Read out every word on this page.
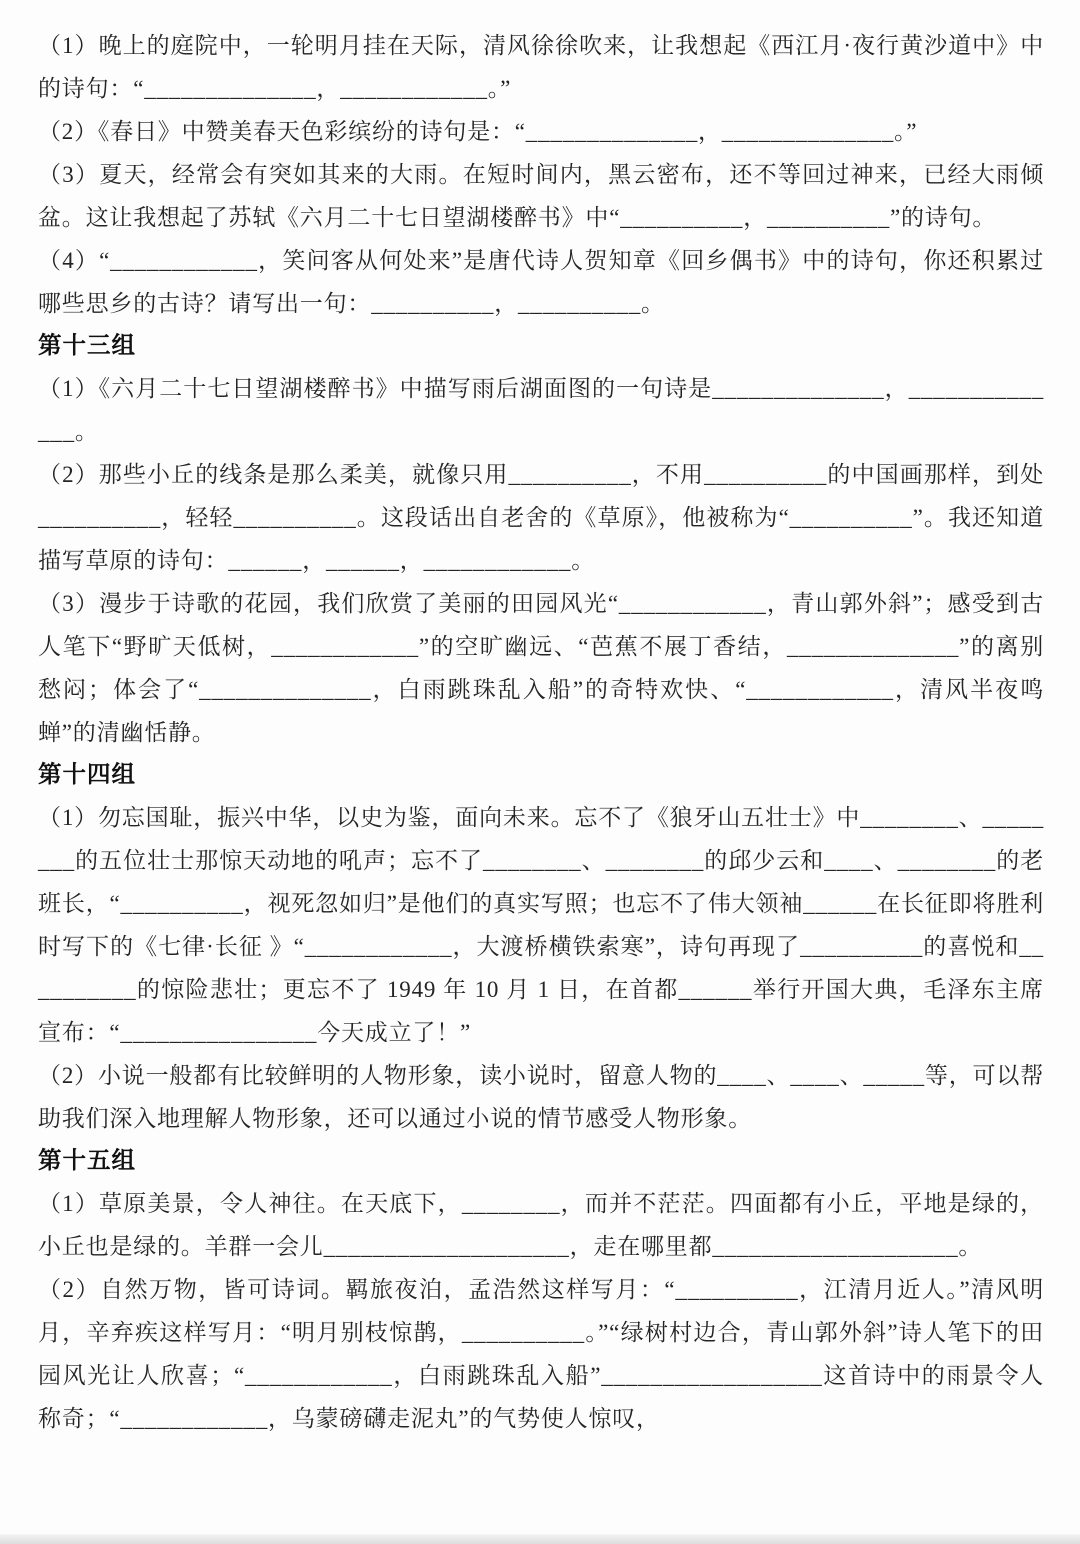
（1）晚上的庭院中，一轮明月挂在天际，清风徐徐吹来，让我想起《西江月·夜行黄沙道中》中的诗句：“______________，____________。”

（2）《春日》中赞美春天色彩缤纷的诗句是：“______________，______________。”

（3）夏天，经常会有突如其来的大雨。在短时间内，黑云密布，还不等回过神来，已经大雨倾盆。这让我想起了苏轼《六月二十七日望湖楼醉书》中“__________，__________”的诗句。

（4）“____________，笑问客从何处来”是唐代诗人贺知章《回乡偶书》中的诗句，你还积累过哪些思乡的古诗？请写出一句：__________，__________。

第十三组

（1）《六月二十七日望湖楼醉书》中描写雨后湖面图的一句诗是______________，______________。

（2）那些小丘的线条是那么柔美，就像只用__________，不用__________的中国画那样，到处__________，轻轻__________。这段话出自老舍的《草原》，他被称为“__________”。我还知道描写草原的诗句：______，______，____________。

（3）漫步于诗歌的花园，我们欣赏了美丽的田园风光“____________，青山郭外斜”；感受到古人笔下“野旷天低树，____________”的空旷幽远、“芭蕉不展丁香结，______________”的离别愁闷；体会了“______________，白雨跳珠乱入船”的奇特欢快、“____________，清风半夜鸣蝉”的清幽恬静。

第十四组

（1）勿忘国耻，振兴中华，以史为鉴，面向未来。忘不了《狼牙山五壮士》中________、________的五位壮士那惊天动地的吼声；忘不了________、________的邱少云和____、________的老班长，“__________，视死忽如归”是他们的真实写照；也忘不了伟大领袖______在长征即将胜利时写下的《七律·长征 》“____________，大渡桥横铁索寒”，诗句再现了__________的喜悦和__________的惊险悲壮；更忘不了 1949 年 10 月 1 日，在首都______举行开国大典，毛泽东主席宣布：“________________今天成立了！”

（2）小说一般都有比较鲜明的人物形象，读小说时，留意人物的____、____、_____等，可以帮助我们深入地理解人物形象，还可以通过小说的情节感受人物形象。

第十五组

（1）草原美景，令人神往。在天底下，________，而并不茫茫。四面都有小丘，平地是绿的，小丘也是绿的。羊群一会儿____________________，走在哪里都____________________。

（2）自然万物，皆可诗词。羁旅夜泊，孟浩然这样写月：“__________，江清月近人。”清风明月，辛弃疾这样写月：“明月别枝惊鹊，__________。”“绿树村边合，青山郭外斜”诗人笔下的田园风光让人欣喜；“____________，白雨跳珠乱入船”__________________这首诗中的雨景令人称奇；“____________，乌蒙磅礴走泥丸”的气势使人惊叹，
